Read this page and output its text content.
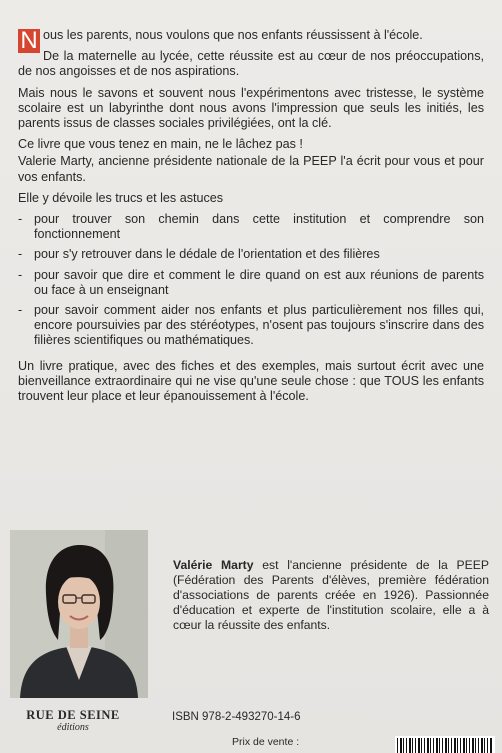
N ous les parents, nous voulons que nos enfants réussissent à l'école.

De la maternelle au lycée, cette réussite est au cœur de nos préoccupations, de nos angoisses et de nos aspirations.

Mais nous le savons et souvent nous l'expérimentons avec tristesse, le système scolaire est un labyrinthe dont nous avons l'impression que seuls les initiés, les parents issus de classes sociales privilégiées, ont la clé.

Ce livre que vous tenez en main, ne le lâchez pas !

Valerie Marty, ancienne présidente nationale de la PEEP l'a écrit pour vous et pour vos enfants.

Elle y dévoile les trucs et les astuces

- pour trouver son chemin dans cette institution et comprendre son fonctionnement
- pour s'y retrouver dans le dédale de l'orientation et des filières
- pour savoir que dire et comment le dire quand on est aux réunions de parents ou face à un enseignant
- pour savoir comment aider nos enfants et plus particulièrement nos filles qui, encore poursuivies par des stéréotypes, n'osent pas toujours s'inscrire dans des filières scientifiques ou mathématiques.

Un livre pratique, avec des fiches et des exemples, mais surtout écrit avec une bienveillance extraordinaire qui ne vise qu'une seule chose : que TOUS les enfants trouvent leur place et leur épanouissement à l'école.

Valérie Marty est l'ancienne présidente de la PEEP (Fédération des Parents d'élèves, première fédération d'associations de parents créée en 1926). Passionnée d'éducation et experte de l'institution scolaire, elle a à cœur la réussite des enfants.
RUE DE SEINE
éditions
ISBN 978-2-493270-14-6
Prix de vente :
